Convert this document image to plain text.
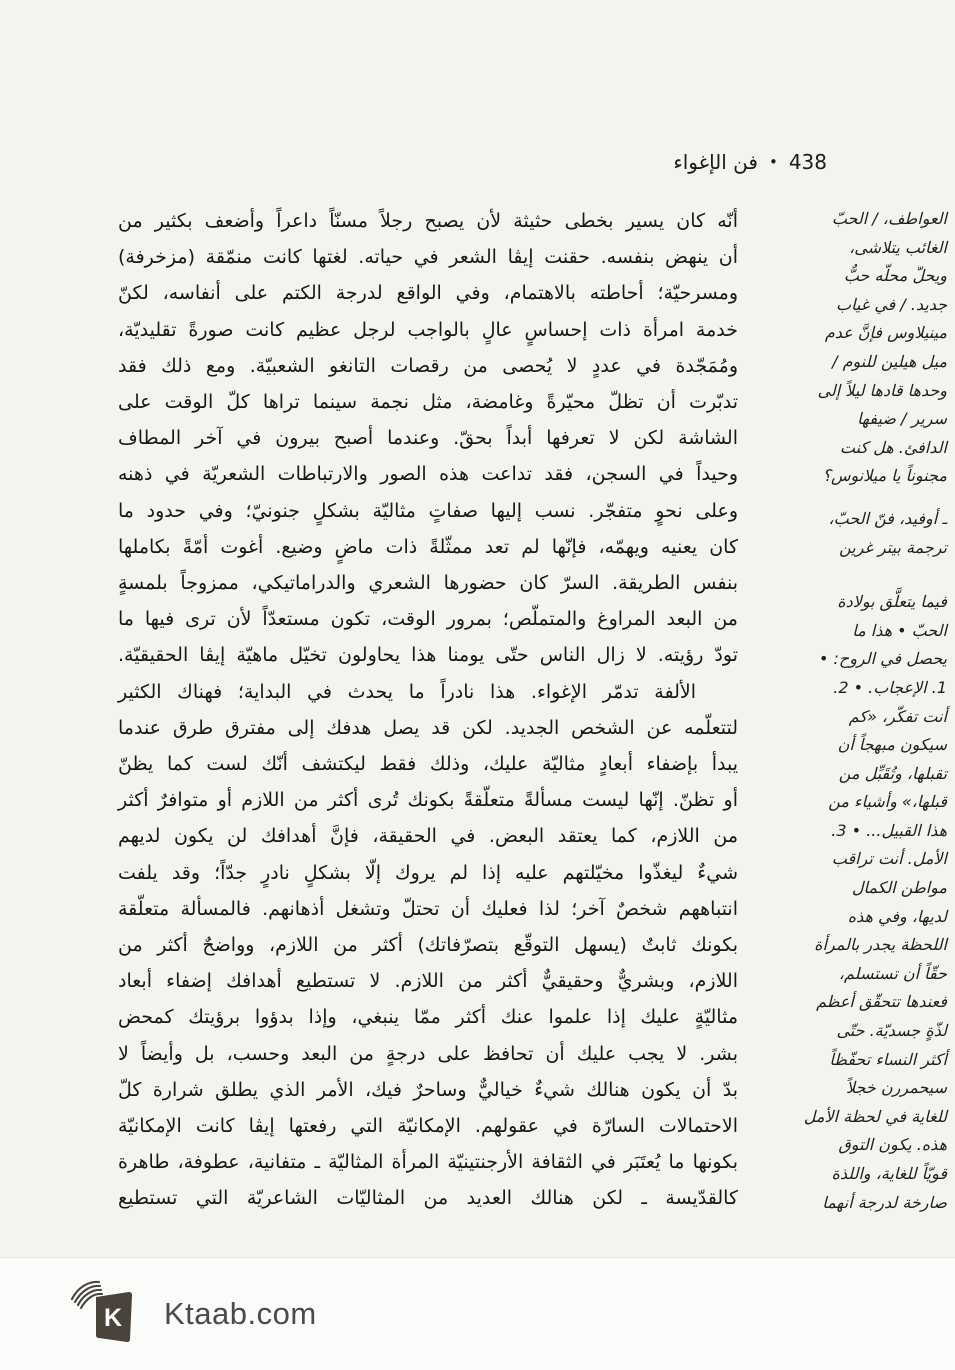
438•فن الإغواء
أنّه كان يسير بخطى حثيثة لأن يصبح رجلاً مسنّاً داعراً وأضعف بكثير من
أن ينهض بنفسه. حقنت إيڤا الشعر في حياته. لغتها كانت منمّقة (مزخرفة)
ومسرحيّة؛ أحاطته بالاهتمام، وفي الواقع لدرجة الكتم على أنفاسه، لكنّ
خدمة امرأة ذات إحساسٍ عالٍ بالواجب لرجل عظيم كانت صورةً تقليديّة،
ومُمَجّدة في عددٍ لا يُحصى من رقصات التانغو الشعبيّة. ومع ذلك فقد
تدبّرت أن تظلّ محيّرةً وغامضة، مثل نجمة سينما تراها كلّ الوقت على
الشاشة لكن لا تعرفها أبداً بحقّ. وعندما أصبح بيرون في آخر المطاف
وحيداً في السجن، فقد تداعت هذه الصور والارتباطات الشعريّة في ذهنه
وعلى نحوٍ متفجّر. نسب إليها صفاتٍ مثاليّة بشكلٍ جنونيّ؛ وفي حدود ما
كان يعنيه ويهمّه، فإنّها لم تعد ممثّلةً ذات ماضٍ وضيع. أغوت أمّةً بكاملها
بنفس الطريقة. السرّ كان حضورها الشعري والدراماتيكي، ممزوجاً بلمسةٍ
من البعد المراوغ والمتملّص؛ بمرور الوقت، تكون مستعدّاً لأن ترى فيها ما
تودّ رؤيته. لا زال الناس حتّى يومنا هذا يحاولون تخيّل ماهيّة إيڤا الحقيقيّة.
الألفة تدمّر الإغواء. هذا نادراً ما يحدث في البداية؛ فهناك الكثير
لتتعلّمه عن الشخص الجديد. لكن قد يصل هدفك إلى مفترق طرق عندما
يبدأ بإضفاء أبعادٍ مثاليّة عليك، وذلك فقط ليكتشف أنّك لست كما يظنّ
أو تظنّ. إنّها ليست مسألةً متعلّقةً بكونك تُرى أكثر من اللازم أو متوافرٌ أكثر
من اللازم، كما يعتقد البعض. في الحقيقة، فإنَّ أهدافك لن يكون لديهم
شيءٌ ليغذّوا مخيّلتهم عليه إذا لم يروك إلّا بشكلٍ نادرٍ جدّاً؛ وقد يلفت
انتباههم شخصٌ آخر؛ لذا فعليك أن تحتلّ وتشغل أذهانهم. فالمسألة متعلّقة
بكونك ثابتٌ (يسهل التوقّع بتصرّفاتك) أكثر من اللازم، وواضحٌ أكثر من
اللازم، وبشريٌّ وحقيقيٌّ أكثر من اللازم. لا تستطيع أهدافك إضفاء أبعاد
مثاليّةٍ عليك إذا علموا عنك أكثر ممّا ينبغي، وإذا بدؤوا برؤيتك كمحض
بشر. لا يجب عليك أن تحافظ على درجةٍ من البعد وحسب، بل وأيضاً لا
بدّ أن يكون هنالك شيءٌ خياليٌّ وساحرٌ فيك، الأمر الذي يطلق شرارة كلّ
الاحتمالات السارّة في عقولهم. الإمكانيّة التي رفعتها إيڤا كانت الإمكانيّة
بكونها ما يُعتَبَر في الثقافة الأرجنتينيّة المرأة المثاليّة ـ متفانية، عطوفة، طاهرة
كالقدّيسة ـ لكن هنالك العديد من المثاليّات الشاعريّة التي تستطيع
العواطف، / الحبّ
الغائب يتلاشى،
ويحلّ محلّه حبٌّ
جديد. / في غياب
مينيلاوس فإنَّ عدم
ميل هيلين للنوم /
وحدها قادها ليلاً إلى
سرير / ضيفها
الدافئ. هل كنت
مجنوناً يا ميلانوس؟
ـ أوفيد، فنّ الحبّ،
ترجمة بيتر غرين
فيما يتعلَّق بولادة
الحبّ • هذا ما
يحصل في الروح: •
1. الإعجاب. • 2.
أنت تفكّر، «كم
سيكون مبهجاً أن
تقبلها، وتُقَبِّل من
قبلها،» وأشياء من
هذا القبيل... • 3.
الأمل. أنت تراقب
مواطن الكمال
لديها، وفي هذه
اللحظة يجدر بالمرأة
حقّاً أن تستسلم،
فعندها تتحقّق أعظم
لذّةٍ جسديّة. حتّى
أكثر النساء تحفّظاً
سيحمررن خجلاً
للغاية في لحظة الأمل
هذه. يكون التوق
قويّاً للغاية، واللذة
صارخة لدرجة أنهما
K Ktaab.com
